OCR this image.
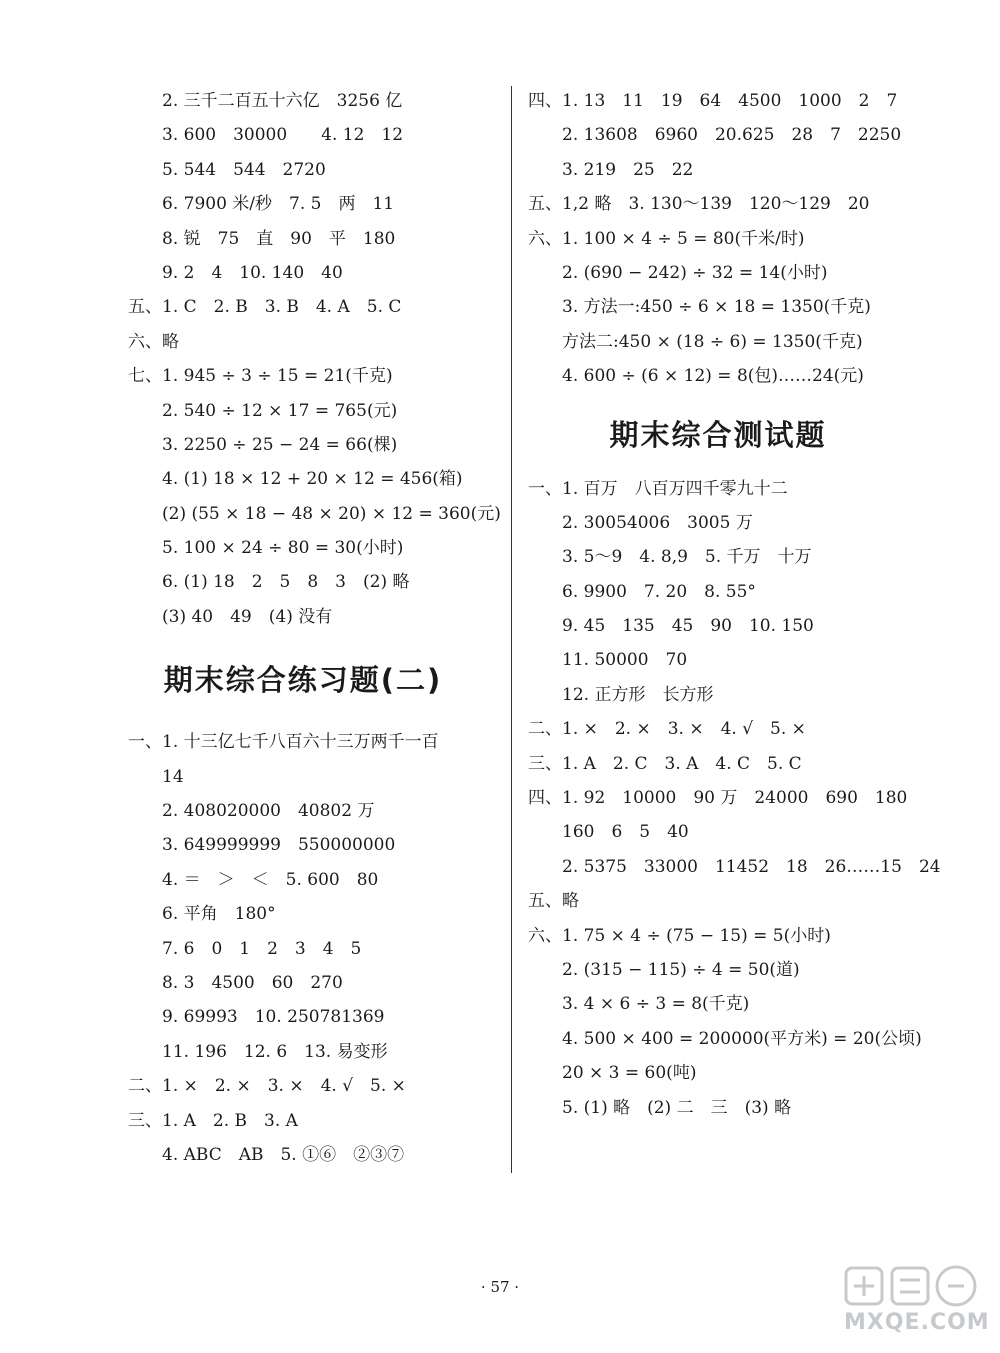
2. 三千二百五十六亿　3256 亿
3. 600　30000　　4. 12　12
5. 544　544　2720
6. 7900 米/秒　7. 5　两　11
8. 锐　75　直　90　平　180
9. 2　4　10. 140　40
五、1. C　2. B　3. B　4. A　5. C
六、略
七、1. 945 ÷ 3 ÷ 15 = 21(千克)
2. 540 ÷ 12 × 17 = 765(元)
3. 2250 ÷ 25 − 24 = 66(棵)
4. (1) 18 × 12 + 20 × 12 = 456(箱)
(2) (55 × 18 − 48 × 20) × 12 = 360(元)
5. 100 × 24 ÷ 80 = 30(小时)
6. (1) 18　2　5　8　3　(2) 略
(3) 40　49　(4) 没有
期末综合练习题(二)
一、1. 十三亿七千八百六十三万两千一百
14
2. 408020000　40802 万
3. 649999999　550000000
4. ＝　＞　＜　5. 600　80
6. 平角　180°
7. 6　0　1　2　3　4　5
8. 3　4500　60　270
9. 69993　10. 250781369
11. 196　12. 6　13. 易变形
二、1. ×　2. ×　3. ×　4. √　5. ×
三、1. A　2. B　3. A
4. ABC　AB　5. ①⑥　②③⑦
四、1. 13　11　19　64　4500　1000　2　7
2. 13608　6960　20.625　28　7　2250
3. 219　25　22
五、1,2 略　3. 130～139　120～129　20
六、1. 100 × 4 ÷ 5 = 80(千米/时)
2. (690 − 242) ÷ 32 = 14(小时)
3. 方法一:450 ÷ 6 × 18 = 1350(千克)
方法二:450 × (18 ÷ 6) = 1350(千克)
4. 600 ÷ (6 × 12) = 8(包)……24(元)
期末综合测试题
一、1. 百万　八百万四千零九十二
2. 30054006　3005 万
3. 5～9　4. 8,9　5. 千万　十万
6. 9900　7. 20　8. 55°
9. 45　135　45　90　10. 150
11. 50000　70
12. 正方形　长方形
二、1. ×　2. ×　3. ×　4. √　5. ×
三、1. A　2. C　3. A　4. C　5. C
四、1. 92　10000　90 万　24000　690　180
160　6　5　40
2. 5375　33000　11452　18　26……15　24
五、略
六、1. 75 × 4 ÷ (75 − 15) = 5(小时)
2. (315 − 115) ÷ 4 = 50(道)
3. 4 × 6 ÷ 3 = 8(千克)
4. 500 × 400 = 200000(平方米) = 20(公顷)
20 × 3 = 60(吨)
5. (1) 略　(2) 二　三　(3) 略
· 57 ·
MXQE.COM
